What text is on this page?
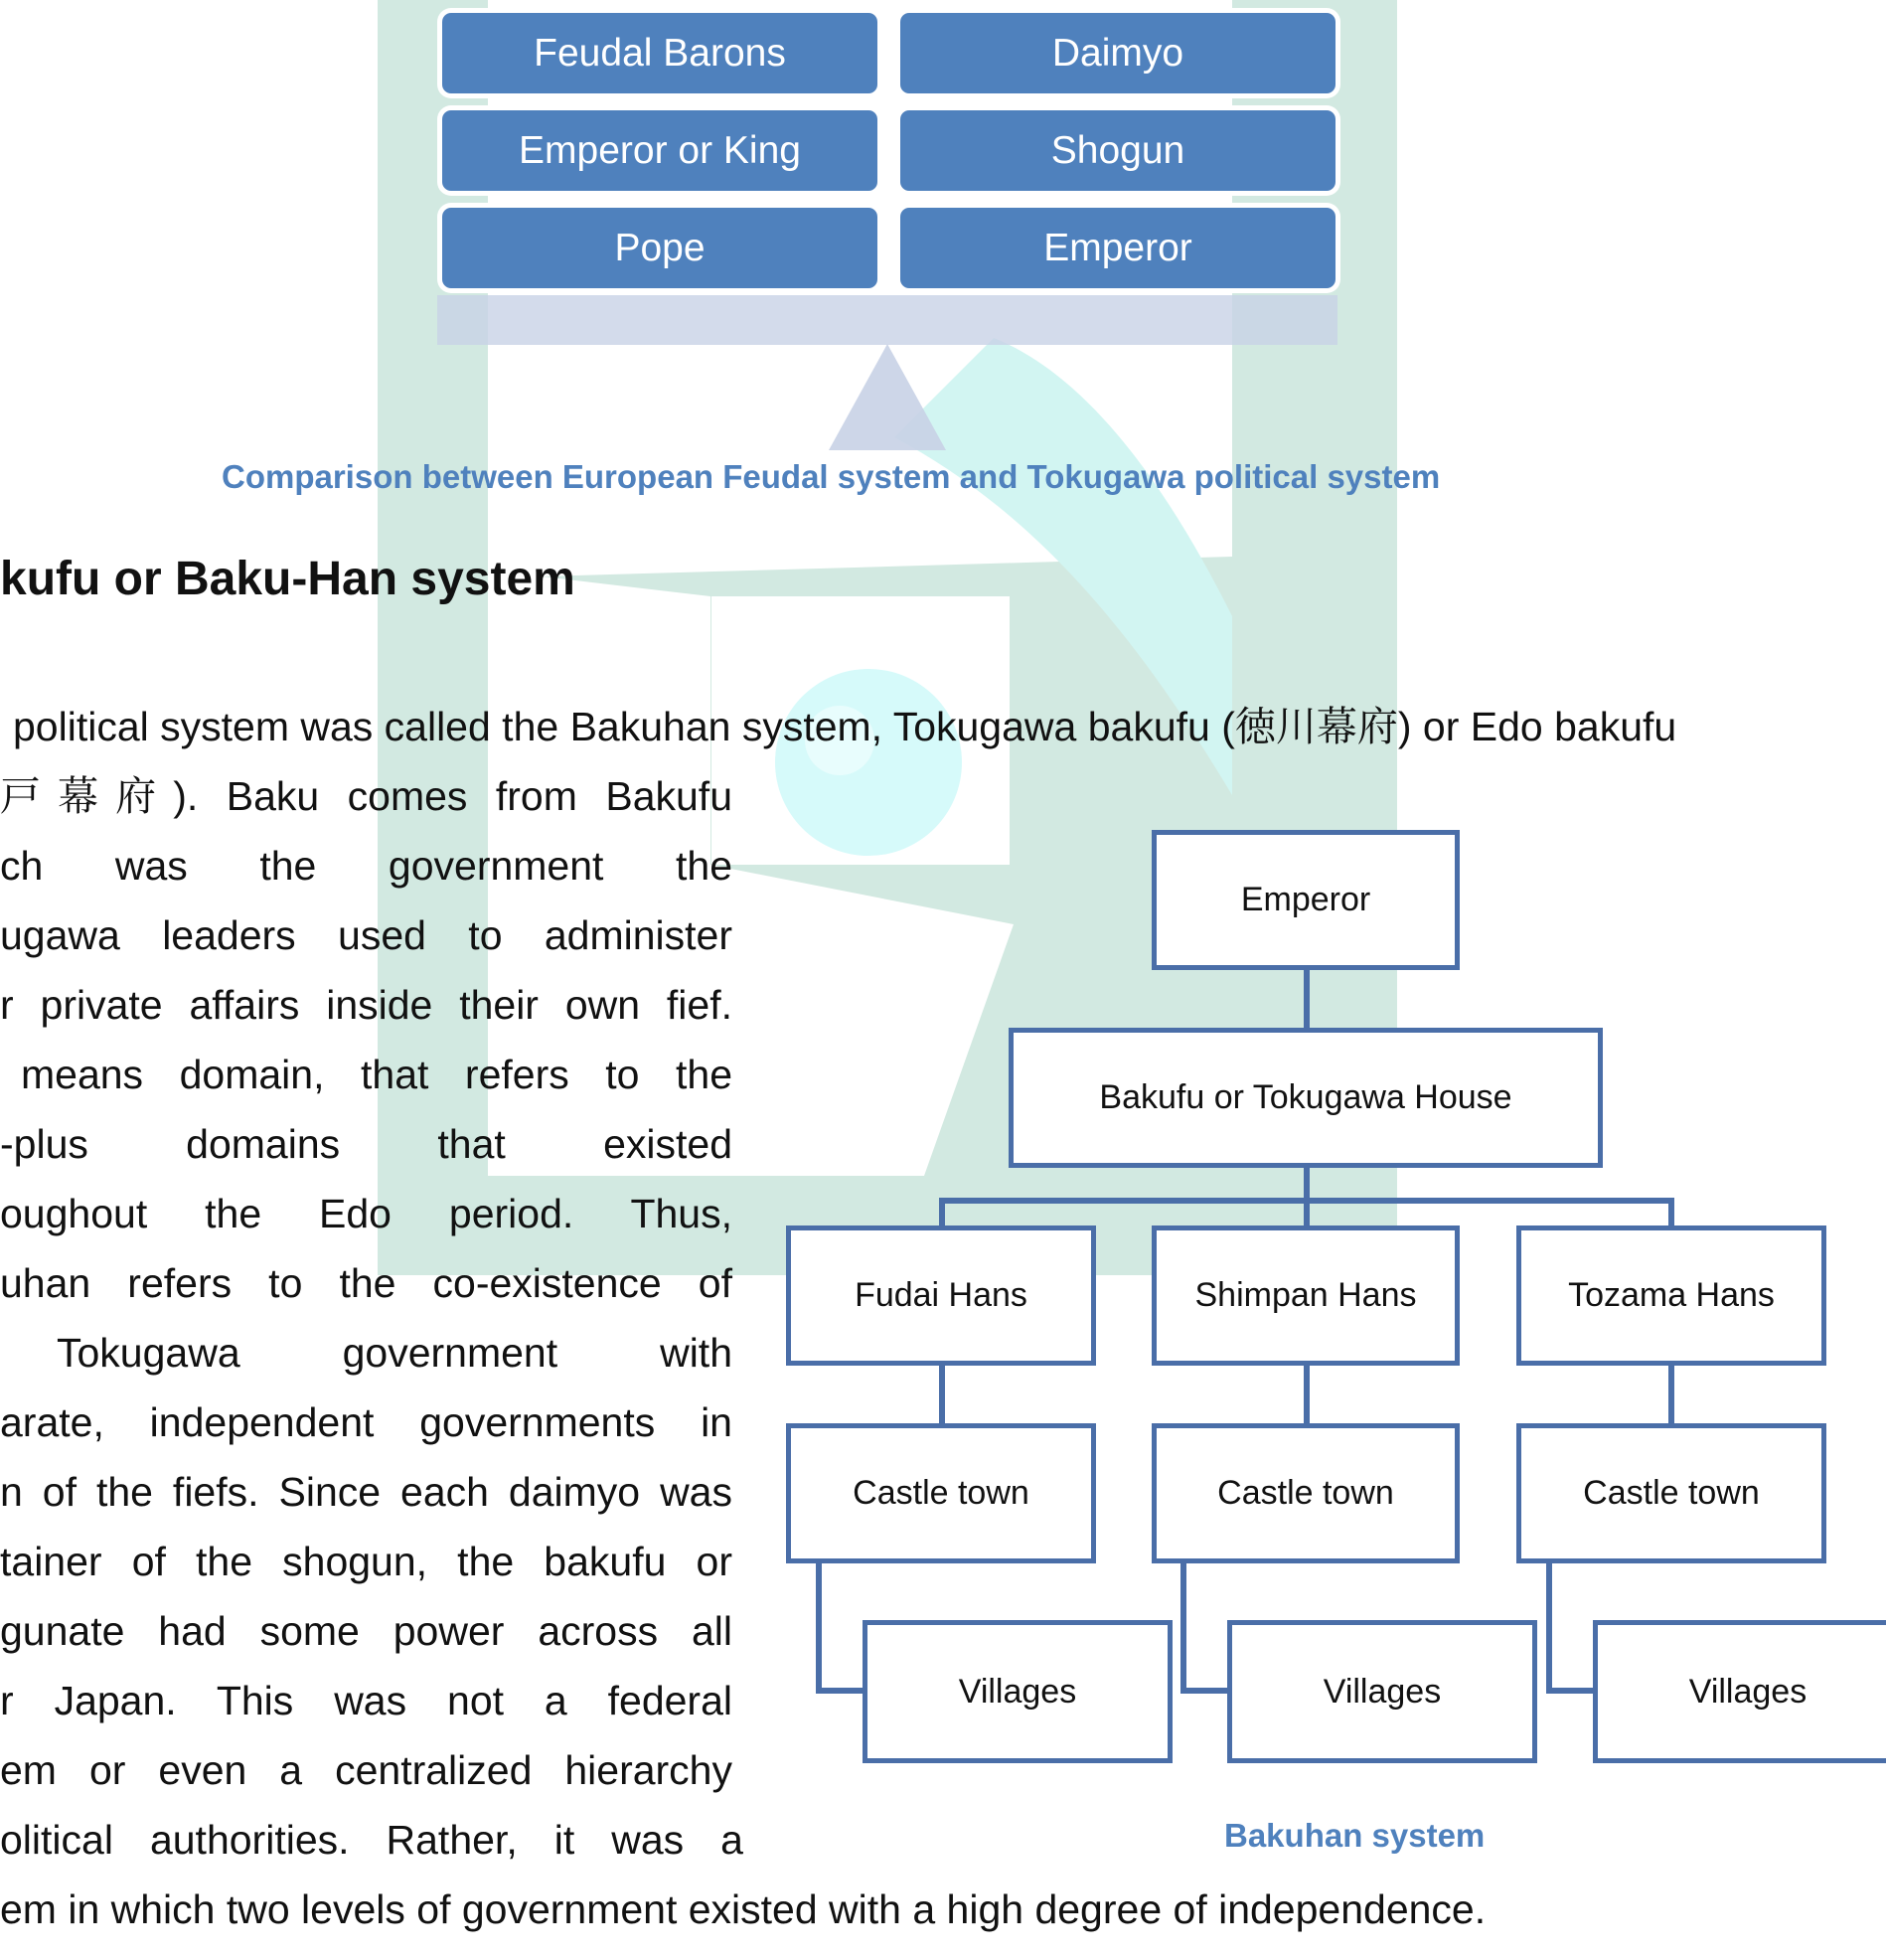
Feudal Barons	Daimyo
Emperor or King	Shogun
Pope	Emperor
Comparison between European Feudal system and Tokugawa political system
kufu or Baku-Han system
political system was called the Bakuhan system, Tokugawa bakufu (徳川幕府) or Edo bakufu
戸幕府). Baku comes from Bakufu
ch was the government the
ugawa leaders used to administer
r private affairs inside their own fief.
means domain, that refers to the
-plus domains that existed
oughout the Edo period. Thus,
uhan refers to the co-existence of
Tokugawa government with
arate, independent governments in
n of the fiefs. Since each daimyo was
tainer of the shogun, the bakufu or
gunate had some power across all
r Japan. This was not a federal
em or even a centralized hierarchy
olitical authorities. Rather, it was a
em in which two levels of government existed with a high degree of independence.
Emperor
Bakufu or Tokugawa House
Fudai Hans	Shimpan Hans	Tozama Hans
Castle town	Castle town	Castle town
Villages	Villages	Villages
Bakuhan system
